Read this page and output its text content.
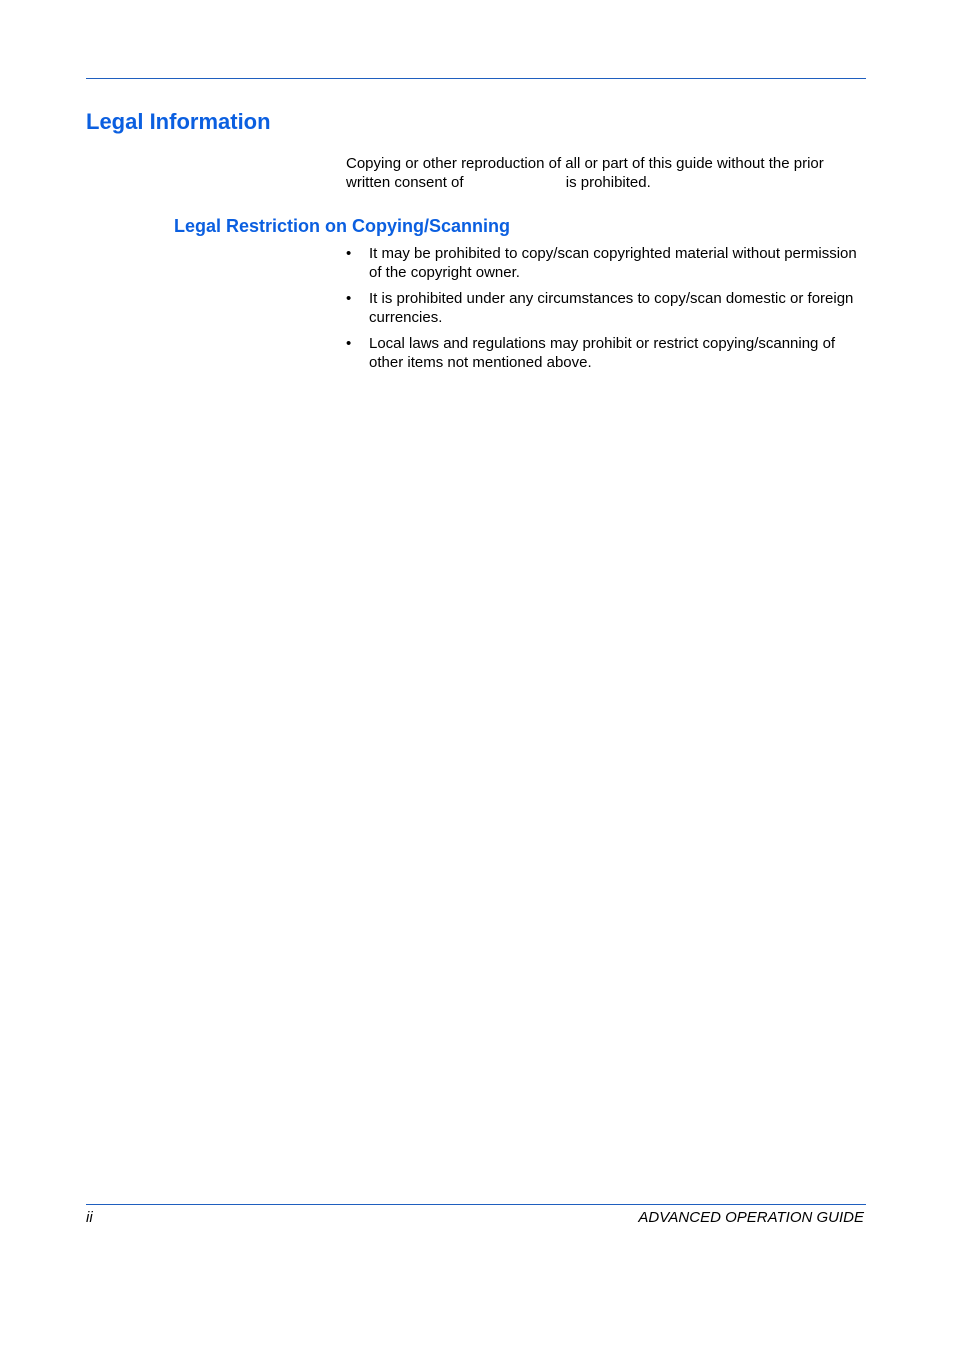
Legal Information

Copying or other reproduction of all or part of this guide without the prior written consent of	is prohibited.

Legal Restriction on Copying/Scanning
• It may be prohibited to copy/scan copyrighted material without permission of the copyright owner.
• It is prohibited under any circumstances to copy/scan domestic or foreign currencies.
• Local laws and regulations may prohibit or restrict copying/scanning of other items not mentioned above.
ii	ADVANCED OPERATION GUIDE
